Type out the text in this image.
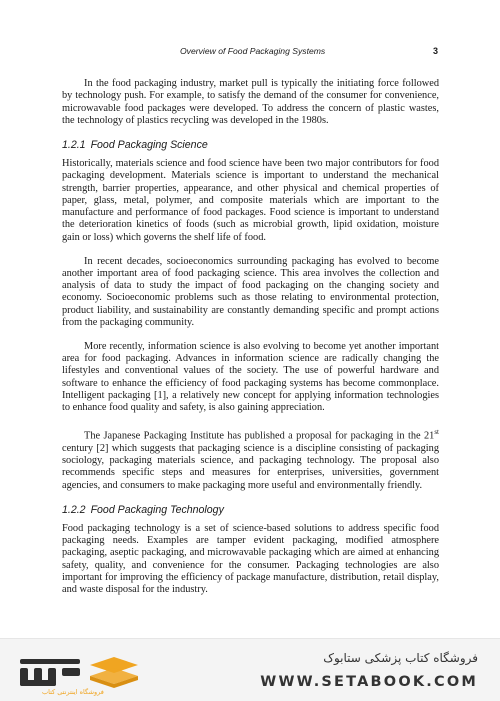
Overview of Food Packaging Systems	3

In the food packaging industry, market pull is typically the initiating force followed by technology push. For example, to satisfy the demand of the consumer for convenience, microwavable food packages were developed. To address the concern of plastic wastes, the technology of plastics recycling was developed in the 1980s.

1.2.1 Food Packaging Science

Historically, materials science and food science have been two major contributors for food packaging development. Materials science is important to understand the mechanical strength, barrier properties, appearance, and other physical and chemical properties of paper, glass, metal, polymer, and composite materials which are important to the manufacture and performance of food packages. Food science is important to understand the deterioration kinetics of foods (such as microbial growth, lipid oxidation, moisture gain or loss) which governs the shelf life of food.

In recent decades, socioeconomics surrounding packaging has evolved to become another important area of food packaging science. This area involves the collection and analysis of data to study the impact of food packaging on the changing society and economy. Socioeconomic problems such as those relating to environmental protection, product liability, and sustainability are constantly demanding specific and prompt actions from the packaging community.

More recently, information science is also evolving to become yet another important area for food packaging. Advances in information science are radically changing the lifestyles and conventional values of the society. The use of powerful hardware and software to enhance the efficiency of food packaging systems has become commonplace. Intelligent packaging [1], a relatively new concept for applying information technologies to enhance food quality and safety, is also gaining appreciation.

The Japanese Packaging Institute has published a proposal for packaging in the 21st century [2] which suggests that packaging science is a discipline consisting of packaging sociology, packaging materials science, and packaging technology. The proposal also recommends specific steps and measures for enterprises, universities, government agencies, and consumers to make packaging more useful and environmentally friendly.

1.2.2 Food Packaging Technology

Food packaging technology is a set of science-based solutions to address specific food packaging needs. Examples are tamper evident packaging, modified atmosphere packaging, aseptic packaging, and microwavable packaging which are aimed at enhancing safety, quality, and convenience for the consumer. Packaging technologies are also important for improving the efficiency of package manufacture, distribution, retail display, and waste disposal for the industry.

فروشگاه اینترنتی کتاب
فروشگاه کتاب پزشکی ستابوک
WWW.SETABOOK.COM
